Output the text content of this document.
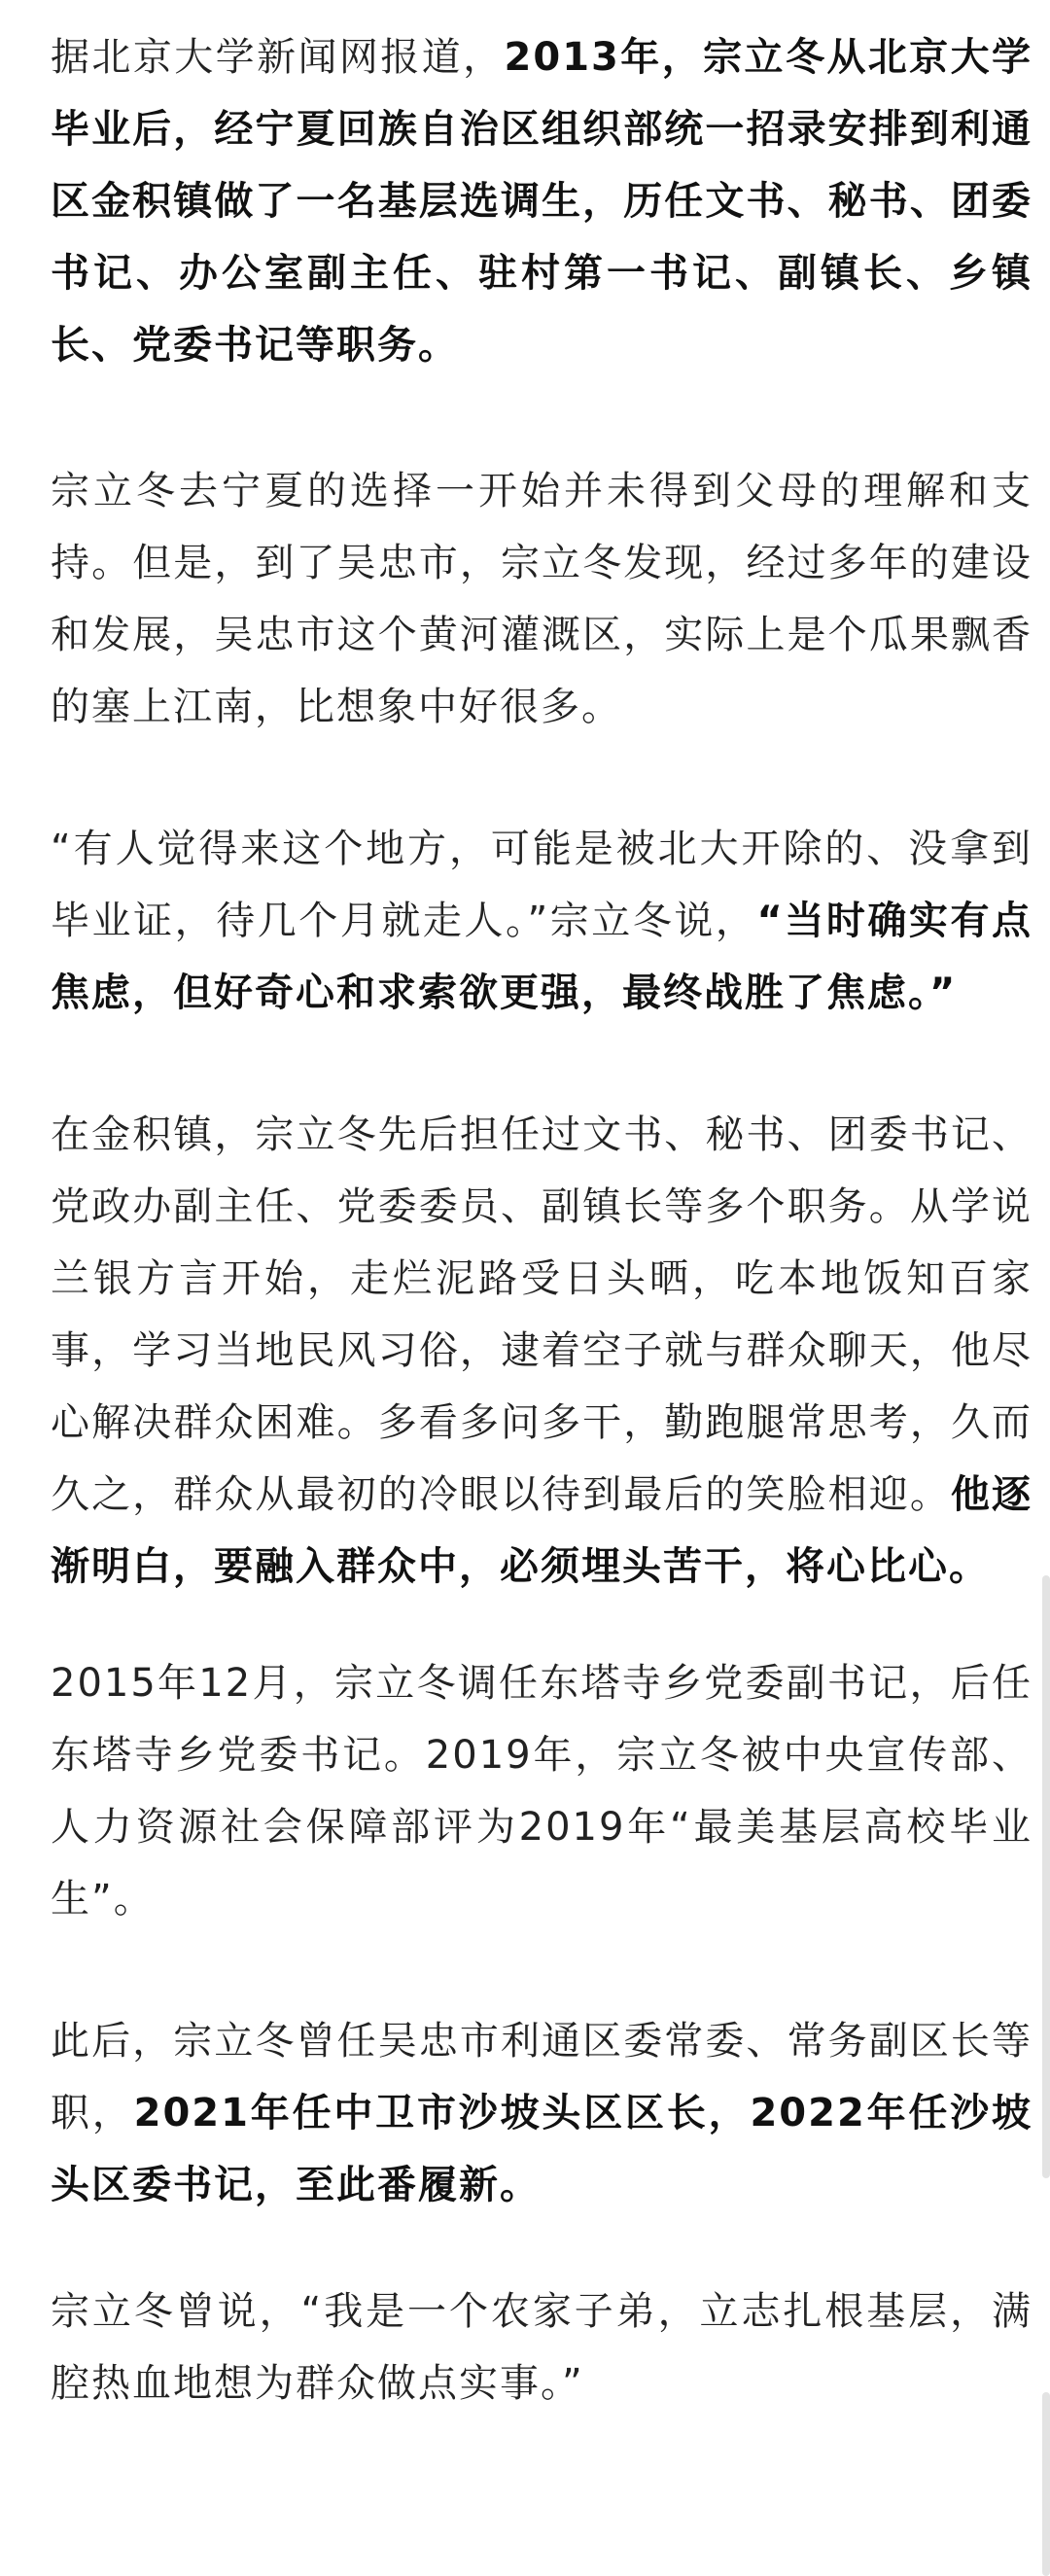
据北京大学新闻网报道，2013年，宗立冬从北京大学毕业后，经宁夏回族自治区组织部统一招录安排到利通区金积镇做了一名基层选调生，历任文书、秘书、团委书记、办公室副主任、驻村第一书记、副镇长、乡镇长、党委书记等职务。

宗立冬去宁夏的选择一开始并未得到父母的理解和支持。但是，到了吴忠市，宗立冬发现，经过多年的建设和发展，吴忠市这个黄河灌溉区，实际上是个瓜果飘香的塞上江南，比想象中好很多。

“有人觉得来这个地方，可能是被北大开除的、没拿到毕业证，待几个月就走人。”宗立冬说，“当时确实有点焦虑，但好奇心和求索欲更强，最终战胜了焦虑。”

在金积镇，宗立冬先后担任过文书、秘书、团委书记、党政办副主任、党委委员、副镇长等多个职务。从学说兰银方言开始，走烂泥路受日头晒，吃本地饭知百家事，学习当地民风习俗，逮着空子就与群众聊天，他尽心解决群众困难。多看多问多干，勤跑腿常思考，久而久之，群众从最初的冷眼以待到最后的笑脸相迎。他逐渐明白，要融入群众中，必须埋头苦干，将心比心。

2015年12月，宗立冬调任东塔寺乡党委副书记，后任东塔寺乡党委书记。2019年，宗立冬被中央宣传部、人力资源社会保障部评为2019年“最美基层高校毕业生”。

此后，宗立冬曾任吴忠市利通区委常委、常务副区长等职，2021年任中卫市沙坡头区区长，2022年任沙坡头区委书记，至此番履新。

宗立冬曾说，“我是一个农家子弟，立志扎根基层，满腔热血地想为群众做点实事。”
